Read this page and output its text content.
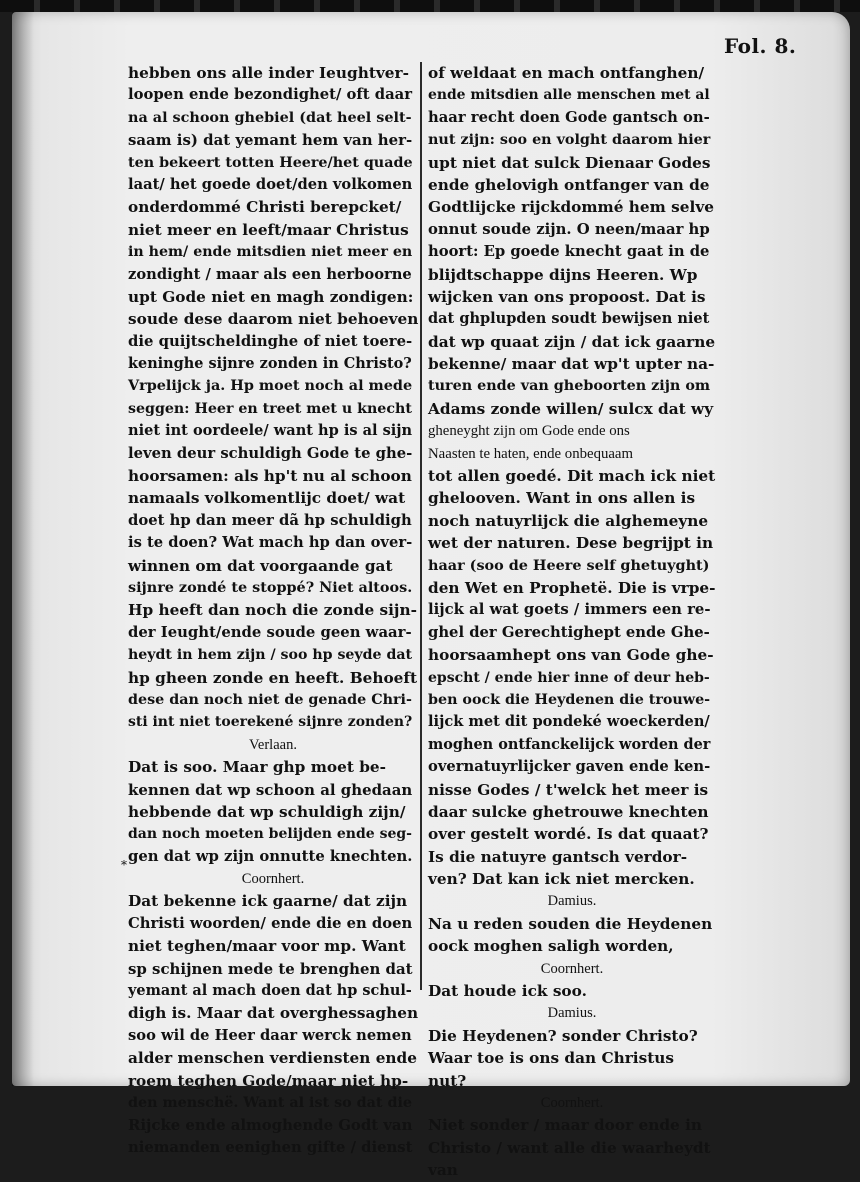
Fol. 8.
hebben ons alle inder Ieughtver-
loopen ende bezondighet/ oft daar
na al schoon ghebiel (dat heel selt-
saam is) dat yemant hem van her-
ten bekeert totten Heere/het quade
laat/ het goede doet/den volkomen
onderdommé Christi berepcket/
niet meer en leeft/maar Christus
in hem/ ende mitsdien niet meer en
zondight / maar als een herboorne
upt Gode niet en magh zondigen:
soude dese daarom niet behoeven
die quijtscheldinghe of niet toere-
keninghe sijnre zonden in Christo?
Vrpelijck ja. Hp moet noch al mede
seggen: Heer en treet met u knecht
niet int oordeele/ want hp is al sijn
leven deur schuldigh Gode te ghe-
hoorsamen: als hp't nu al schoon
namaals volkomentlijc doet/ wat
doet hp dan meer dã hp schuldigh
is te doen? Wat mach hp dan over-
winnen om dat voorgaande gat
sijnre zondé te stoppé? Niet altoos.
Hp heeft dan noch die zonde sijn-
der Ieught/ende soude geen waar-
heydt in hem zijn / soo hp seyde dat
hp gheen zonde en heeft. Behoeft
dese dan noch niet de genade Chri-
sti int niet toerekené sijnre zonden?
Verlaan.
Dat is soo. Maar ghp moet be-
kennen dat wp schoon al ghedaan
hebbende dat wp schuldigh zijn/
dan noch moeten belijden ende seg-
gen dat wp zijn onnutte knechten.
Coornhert.
Dat bekenne ick gaarne/ dat zijn
Christi woorden/ ende die en doen
niet teghen/maar voor mp. Want
sp schijnen mede te brenghen dat
yemant al mach doen dat hp schul-
digh is. Maar dat overghessaghen
soo wil de Heer daar werck nemen
alder menschen verdiensten ende
roem teghen Gode/maar niet hp-
den menschë. Want al ist so dat die
Rijcke ende almoghende Godt van
niemanden eenighen gifte / dienst
of weldaat en mach ontfanghen/
ende mitsdien alle menschen met al
haar recht doen Gode gantsch on-
nut zijn: soo en volght daarom hier
upt niet dat sulck Dienaar Godes
ende ghelovigh ontfanger van de
Godtlijcke rijckdommé hem selve
onnut soude zijn. O neen/maar hp
hoort: Ep goede knecht gaat in de
blijdtschappe dijns Heeren. Wp
wijcken van ons propoost. Dat is
dat ghplupden soudt bewijsen niet
dat wp quaat zijn / dat ick gaarne
bekenne/ maar dat wp't upter na-
turen ende van gheboorten zijn om
Adams zonde willen/ sulcx dat wy
gheneyght zijn om Gode ende ons
Naasten te haten, ende onbequaam
tot allen goedé. Dit mach ick niet
ghelooven. Want in ons allen is
noch natuyrlijck die alghemeyne
wet der naturen. Dese begrijpt in
haar (soo de Heere self ghetuyght)
den Wet en Prophetë. Die is vrpe-
lijck al wat goets / immers een re-
ghel der Gerechtighept ende Ghe-
hoorsaamhept ons van Gode ghe-
epscht / ende hier inne of deur heb-
ben oock die Heydenen die trouwe-
lijck met dit pondeké woeckerden/
moghen ontfanckelijck worden der
overnatuyrlijcker gaven ende ken-
nisse Godes / t'welck het meer is
daar sulcke ghetrouwe knechten
over gestelt wordé. Is dat quaat?
Is die natuyre gantsch verdor-
ven? Dat kan ick niet mercken.
Damius.
Na u reden souden die Heydenen
oock moghen saligh worden,
Coornhert.
Dat houde ick soo.
Damius.
Die Heydenen? sonder Christo?
Waar toe is ons dan Christus
nut?
Coornhert.
Niet sonder / maar door ende in
Christo / want alle die waarheydt
van
*
